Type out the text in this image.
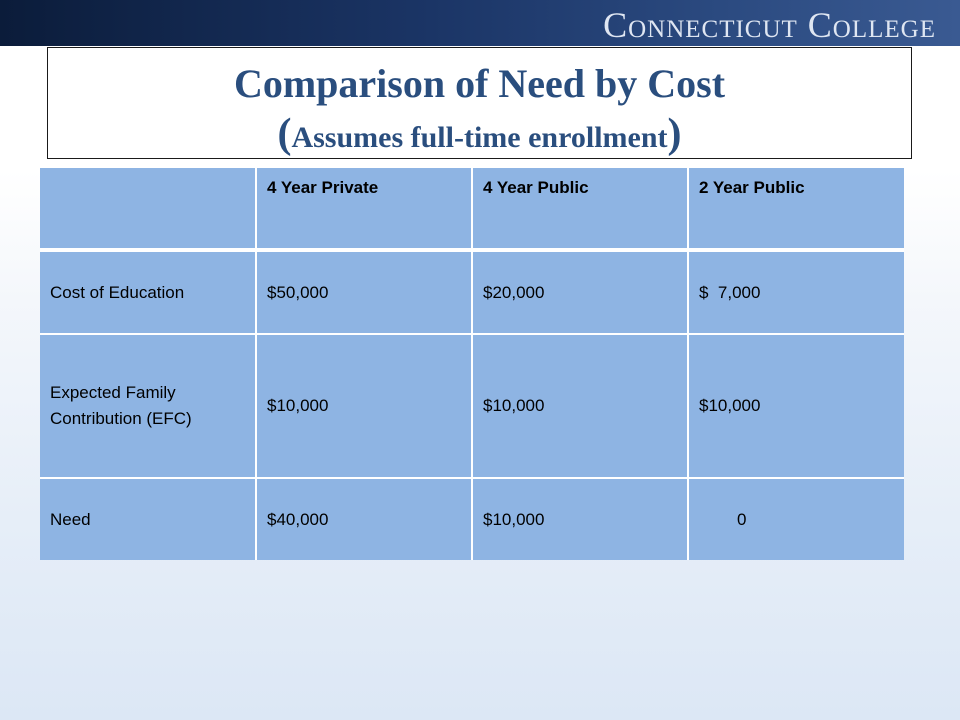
Connecticut College
Comparison of Need by Cost
(Assumes full-time enrollment)
	4 Year Private	4 Year Public	2 Year Public
Cost of Education	$50,000	$20,000	$  7,000

Expected Family
Contribution (EFC)	$10,000	$10,000	$10,000
Need	$40,000	$10,000	0
